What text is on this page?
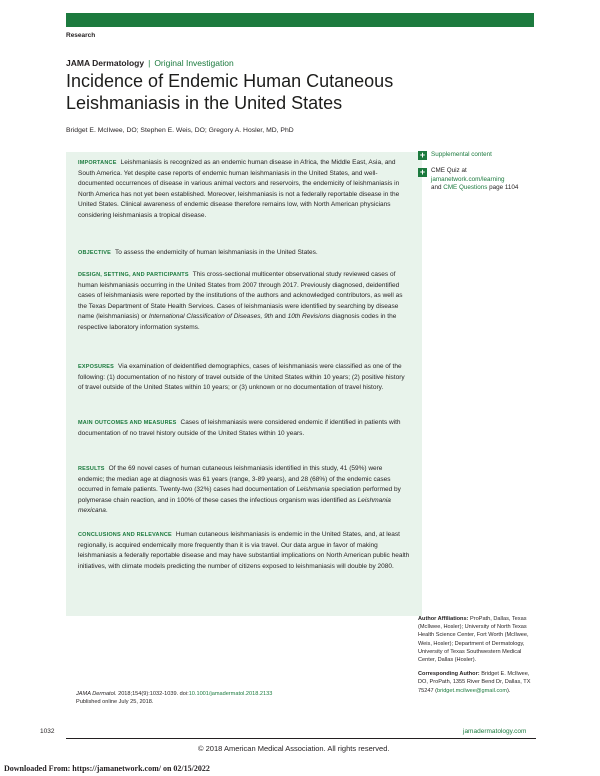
Research
JAMA Dermatology | Original Investigation
Incidence of Endemic Human Cutaneous Leishmaniasis in the United States
Bridget E. McIlwee, DO; Stephen E. Weis, DO; Gregory A. Hosler, MD, PhD
IMPORTANCE Leishmaniasis is recognized as an endemic human disease in Africa, the Middle East, Asia, and South America. Yet despite case reports of endemic human leishmaniasis in the United States, and well-documented occurrences of disease in various animal vectors and reservoirs, the endemicity of leishmaniasis in North America has not yet been established. Moreover, leishmaniasis is not a federally reportable disease in the United States. Clinical awareness of endemic disease therefore remains low, with North American physicians considering leishmaniasis a tropical disease.
OBJECTIVE To assess the endemicity of human leishmaniasis in the United States.
DESIGN, SETTING, AND PARTICIPANTS This cross-sectional multicenter observational study reviewed cases of human leishmaniasis occurring in the United States from 2007 through 2017. Previously diagnosed, deidentified cases of leishmaniasis were reported by the institutions of the authors and acknowledged contributors, as well as the Texas Department of State Health Services. Cases of leishmaniasis were identified by searching by disease name (leishmaniasis) or International Classification of Diseases, 9th and 10th Revisions diagnosis codes in the respective laboratory information systems.
EXPOSURES Via examination of deidentified demographics, cases of leishmaniasis were classified as one of the following: (1) documentation of no history of travel outside of the United States within 10 years; (2) positive history of travel outside of the United States within 10 years; or (3) unknown or no documentation of travel history.
MAIN OUTCOMES AND MEASURES Cases of leishmaniasis were considered endemic if identified in patients with documentation of no travel history outside of the United States within 10 years.
RESULTS Of the 69 novel cases of human cutaneous leishmaniasis identified in this study, 41 (59%) were endemic; the median age at diagnosis was 61 years (range, 3-89 years), and 28 (68%) of the endemic cases occurred in female patients. Twenty-two (32%) cases had documentation of Leishmania speciation performed by polymerase chain reaction, and in 100% of these cases the infectious organism was identified as Leishmania mexicana.
CONCLUSIONS AND RELEVANCE Human cutaneous leishmaniasis is endemic in the United States, and, at least regionally, is acquired endemically more frequently than it is via travel. Our data argue in favor of making leishmaniasis a federally reportable disease and may have substantial implications on North American public health initiatives, with climate models predicting the number of citizens exposed to leishmaniasis will double by 2080.
+ Supplemental content
+ CME Quiz at
jamanetwork.com/learning
and CME Questions page 1104
Author Affiliations: ProPath, Dallas, Texas (McIlwee, Hosler); University of North Texas Health Science Center, Fort Worth (McIlwee, Weis, Hosler); Department of Dermatology, University of Texas Southwestern Medical Center, Dallas (Hosler).
Corresponding Author: Bridget E. McIlwee, DO, ProPath, 1355 River Bend Dr, Dallas, TX 75247 (bridget.mcilwee@gmail.com).
JAMA Dermatol. 2018;154(9):1032-1039. doi:10.1001/jamadermatol.2018.2133
Published online July 25, 2018.
1032	jamadermatology.com
© 2018 American Medical Association. All rights reserved.
Downloaded From: https://jamanetwork.com/ on 02/15/2022
